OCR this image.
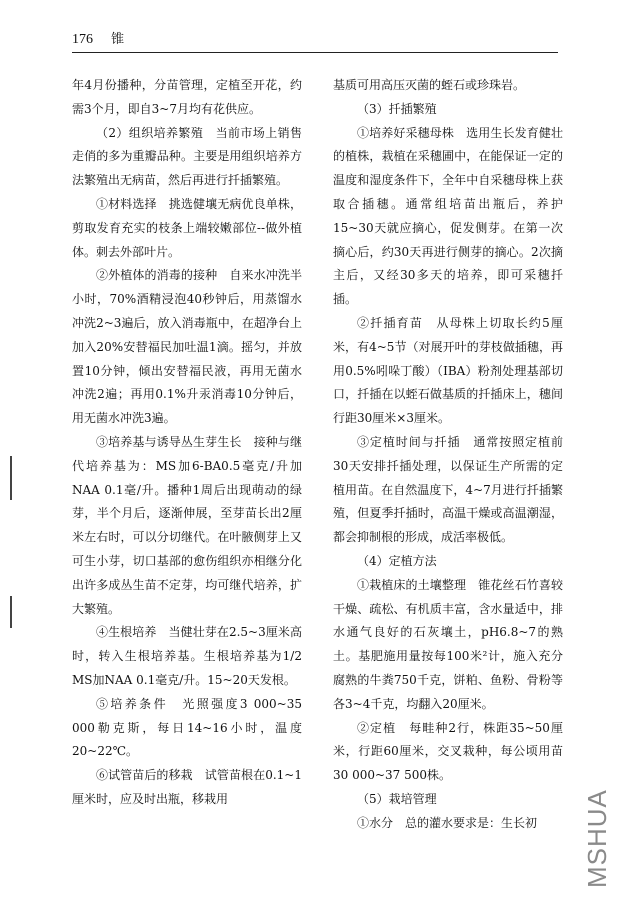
176 锥

年4月份播种，分苗管理，定植至开花，约需3个月，即自3~7月均有花供应。

（2）组织培养繁殖　当前市场上销售走俏的多为重瓣品种。主要是用组织培养方法繁殖出无病苗，然后再进行扦插繁殖。

①材料选择　挑选健壤无病优良单株，剪取发育充实的枝条上端较嫩部位--做外植体。刺去外部叶片。

②外植体的消毒的接种　自来水冲洗半小时，70%酒精浸泡40秒钟后，用蒸馏水冲洗2~3遍后，放入消毒瓶中，在超净台上加入20%安替福民加吐温1滴。摇匀，并放置10分钟，倾出安替福民液，再用无菌水冲洗2遍；再用0.1%升汞消毒10分钟后，用无菌水冲洗3遍。

③培养基与诱导丛生芽生长　接种与继代培养基为：MS加6-BA0.5毫克/升加NAA 0.1毫/升。播种1周后出现萌动的绿芽，半个月后，逐渐伸展，至芽苗长出2厘米左右时，可以分切继代。在叶腋侧芽上又可生小芽，切口基部的愈伤组织亦相继分化出许多成丛生苗不定芽，均可继代培养，扩大繁殖。

④生根培养　当健壮芽在2.5~3厘米高时，转入生根培养基。生根培养基为1/2 MS加NAA 0.1毫克/升。15~20天发根。

⑤培养条件　光照强度3 000~35 000勒克斯，每日14~16小时，温度20~22℃。

⑥试管苗后的移栽　试管苗根在0.1~1厘米时，应及时出瓶，移栽用

基质可用高压灭菌的蛭石或珍珠岩。

（3）扦插繁殖

①培养好采穗母株　选用生长发育健壮的植株，栽植在采穗圃中，在能保证一定的温度和湿度条件下，全年中自采穗母株上获取合插穗。通常组培苗出瓶后，养护15~30天就应摘心，促发侧芽。在第一次摘心后，约30天再进行侧芽的摘心。2次摘主后，又经30多天的培养，即可采穗扦插。

②扦插育苗　从母株上切取长约5厘米，有4~5节（对展开叶的芽枝做插穗，再用0.5%吲哚丁酸）（IBA）粉剂处理基部切口，扦插在以蛭石做基质的扦插床上，穗间行距30厘米×3厘米。

③定植时间与扦插　通常按照定植前30天安排扦插处理，以保证生产所需的定植用苗。在自然温度下，4~7月进行扦插繁殖，但夏季扦插时，高温干燥或高温潮湿，都会抑制根的形成，成活率极低。

（4）定植方法

①栽植床的土壤整理　锥花丝石竹喜较干燥、疏松、有机质丰富，含水量适中，排水通气良好的石灰壤土，pH6.8~7的熟土。基肥施用量按每100米²计，施入充分腐熟的牛粪750千克，饼粕、鱼粉、骨粉等各3~4千克，均翻入20厘米。

②定植　每畦种2行，株距35~50厘米，行距60厘米，交叉栽种，每公顷用苗30 000~37 500株。

（5）栽培管理

①水分　总的灌水要求是：生长初	MSHUA
